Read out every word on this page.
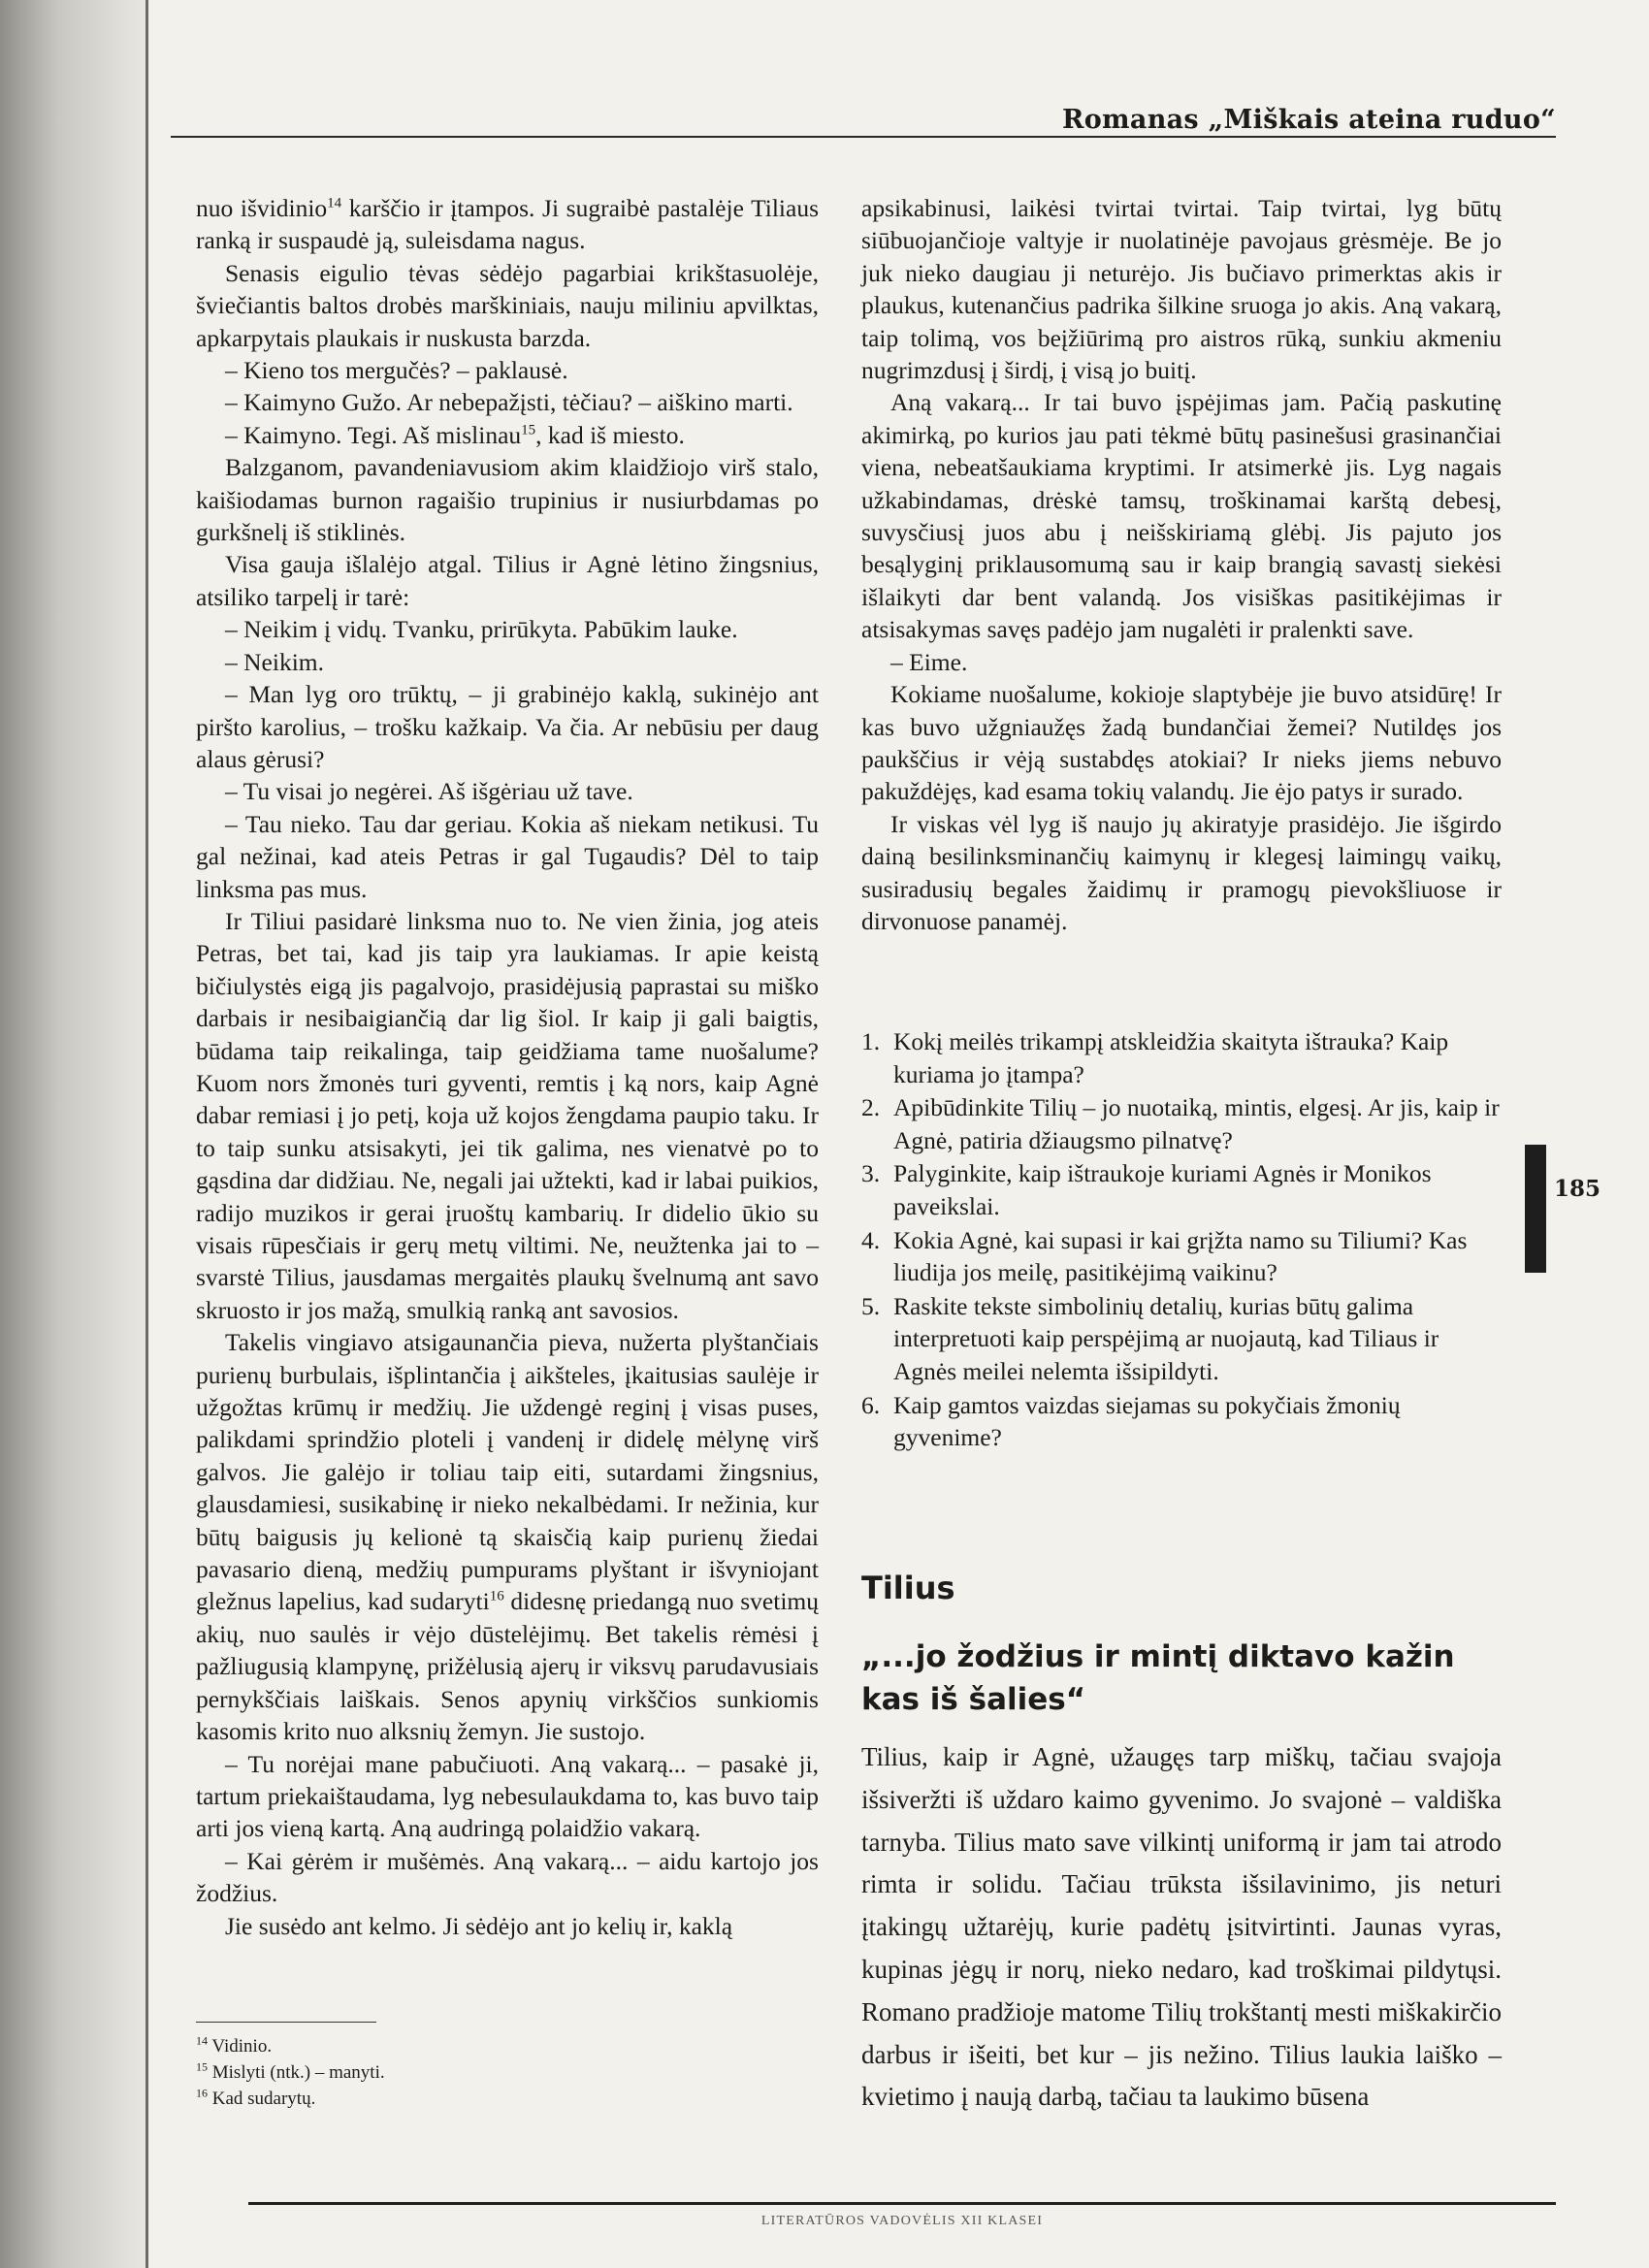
Romanas „Miškais ateina ruduo“

nuo išvidinio$^{14}$ karščio ir įtampos. Ji sugraibė pastalėje Tiliaus ranką ir suspaudė ją, suleisdama nagus.

Senasis eigulio tėvas sėdėjo pagarbiai krikštasuolėje, šviečiantis baltos drobės marškiniais, nauju miliniu apvilktas, apkarpytais plaukais ir nuskusta barzda.

– Kieno tos mergučės? – paklausė.

– Kaimyno Gužo. Ar nebepažįsti, tėčiau? – aiškino marti.

– Kaimyno. Tegi. Aš mislinau$^{15}$, kad iš miesto.

Balzganom, pavandeniavusiom akim klaidžiojo virš stalo, kaišiodamas burnon ragaišio trupinius ir nusiurbdamas po gurkšnelį iš stiklinės.

Visa gauja išlalėjo atgal. Tilius ir Agnė lėtino žingsnius, atsiliko tarpelį ir tarė:

– Neikim į vidų. Tvanku, prirūkyta. Pabūkim lauke.

– Neikim.

– Man lyg oro trūktų, – ji grabinėjo kaklą, sukinėjo ant piršto karolius, – trošku kažkaip. Va čia. Ar nebūsiu per daug alaus gėrusi?

– Tu visai jo negėrei. Aš išgėriau už tave.

– Tau nieko. Tau dar geriau. Kokia aš niekam netikusi. Tu gal nežinai, kad ateis Petras ir gal Tugaudis? Dėl to taip linksma pas mus.

Ir Tiliui pasidarė linksma nuo to. Ne vien žinia, jog ateis Petras, bet tai, kad jis taip yra laukiamas. Ir apie keistą bičiulystės eigą jis pagalvojo, prasidėjusią paprastai su miško darbais ir nesibaigiančią dar lig šiol. Ir kaip ji gali baigtis, būdama taip reikalinga, taip geidžiama tame nuošalume? Kuom nors žmonės turi gyventi, remtis į ką nors, kaip Agnė dabar remiasi į jo petį, koja už kojos žengdama paupio taku. Ir to taip sunku atsisakyti, jei tik galima, nes vienatvė po to gąsdina dar didžiau. Ne, negali jai užtekti, kad ir labai puikios, radijo muzikos ir gerai įruoštų kambarių. Ir didelio ūkio su visais rūpesčiais ir gerų metų viltimi. Ne, neužtenka jai to – svarstė Tilius, jausdamas mergaitės plaukų švelnumą ant savo skruosto ir jos mažą, smulkią ranką ant savosios.

Takelis vingiavo atsigaunančia pieva, nužerta plyštančiais purienų burbulais, išplintančia į aikšteles, įkaitusias saulėje ir užgožtas krūmų ir medžių. Jie uždengė reginį į visas puses, palikdami sprindžio ploteli į vandenį ir didelę mėlynę virš galvos. Jie galėjo ir toliau taip eiti, sutardami žingsnius, glausdamiesi, susikabinę ir nieko nekalbėdami. Ir nežinia, kur būtų baigusis jų kelionė tą skaisčią kaip purienų žiedai pavasario dieną, medžių pumpurams plyštant ir išvyniojant gležnus lapelius, kad sudaryti$^{16}$ didesnę priedangą nuo svetimų akių, nuo saulės ir vėjo dūstelėjimų. Bet takelis rėmėsi į pažliugusią klampynę, prižėlusią ajerų ir viksvų parudavusiais pernykščiais laiškais. Senos apynių virkščios sunkiomis kasomis krito nuo alksnių žemyn. Jie sustojo.

– Tu norėjai mane pabučiuoti. Aną vakarą... – pasakė ji, tartum priekaištaudama, lyg nebesulaukdama to, kas buvo taip arti jos vieną kartą. Aną audringą polaidžio vakarą.

– Kai gėrėm ir mušėmės. Aną vakarą... – aidu kartojo jos žodžius.

Jie susėdo ant kelmo. Ji sėdėjo ant jo kelių ir, kaklą

$^{14}$ Vidinio.
$^{15}$ Mislyti (ntk.) – manyti.
$^{16}$ Kad sudarytų.

apsikabinusi, laikėsi tvirtai tvirtai. Taip tvirtai, lyg būtų siūbuojančioje valtyje ir nuolatinėje pavojaus grėsmėje. Be jo juk nieko daugiau ji neturėjo. Jis bučiavo primerktas akis ir plaukus, kutenančius padrika šilkine sruoga jo akis. Aną vakarą, taip tolimą, vos beįžiūrimą pro aistros rūką, sunkiu akmeniu nugrimzdusį į širdį, į visą jo buitį.

Aną vakarą... Ir tai buvo įspėjimas jam. Pačią paskutinę akimirką, po kurios jau pati tėkmė būtų pasinešusi grasinančiai viena, nebeatšaukiama kryptimi. Ir atsimerkė jis. Lyg nagais užkabindamas, drėskė tamsų, troškinamai karštą debesį, suvysčiusį juos abu į neišskiriamą glėbį. Jis pajuto jos besąlyginį priklausomumą sau ir kaip brangią savastį siekėsi išlaikyti dar bent valandą. Jos visiškas pasitikėjimas ir atsisakymas savęs padėjo jam nugalėti ir pralenkti save.

– Eime.

Kokiame nuošalume, kokioje slaptybėje jie buvo atsidūrę! Ir kas buvo užgniaužęs žadą bundančiai žemei? Nutildęs jos paukščius ir vėją sustabdęs atokiai? Ir nieks jiems nebuvo pakuždėjęs, kad esama tokių valandų. Jie ėjo patys ir surado.

Ir viskas vėl lyg iš naujo jų akiratyje prasidėjo. Jie išgirdo dainą besilinksminančių kaimynų ir klegesį laimingų vaikų, susiradusių begales žaidimų ir pramogų pievokšliuose ir dirvonuose panamėj.

1. Kokį meilės trikampį atskleidžia skaityta ištrauka? Kaip kuriama jo įtampa?
2. Apibūdinkite Tilių – jo nuotaiką, mintis, elgesį. Ar jis, kaip ir Agnė, patiria džiaugsmo pilnatvę?
3. Palyginkite, kaip ištraukoje kuriami Agnės ir Monikos paveikslai.
4. Kokia Agnė, kai supasi ir kai grįžta namo su Tiliumi? Kas liudija jos meilę, pasitikėjimą vaikinu?
5. Raskite tekste simbolinių detalių, kurias būtų galima interpretuoti kaip perspėjimą ar nuojautą, kad Tiliaus ir Agnės meilei nelemta išsipildyti.
6. Kaip gamtos vaizdas siejamas su pokyčiais žmonių gyvenime?
Tilius
„...jo žodžius ir mintį diktavo kažin kas iš šalies“

Tilius, kaip ir Agnė, užaugęs tarp miškų, tačiau svajoja išsiveržti iš uždaro kaimo gyvenimo. Jo svajonė – valdiška tarnyba. Tilius mato save vilkintį uniformą ir jam tai atrodo rimta ir solidu. Tačiau trūksta išsilavinimo, jis neturi įtakingų užtarėjų, kurie padėtų įsitvirtinti. Jaunas vyras, kupinas jėgų ir norų, nieko nedaro, kad troškimai pildytųsi. Romano pradžioje matome Tilių trokštantį mesti miškakirčio darbus ir išeiti, bet kur – jis nežino. Tilius laukia laiško – kvietimo į naują darbą, tačiau ta laukimo būsena

185
LITERATŪROS VADOVĖLIS XII KLASEI
